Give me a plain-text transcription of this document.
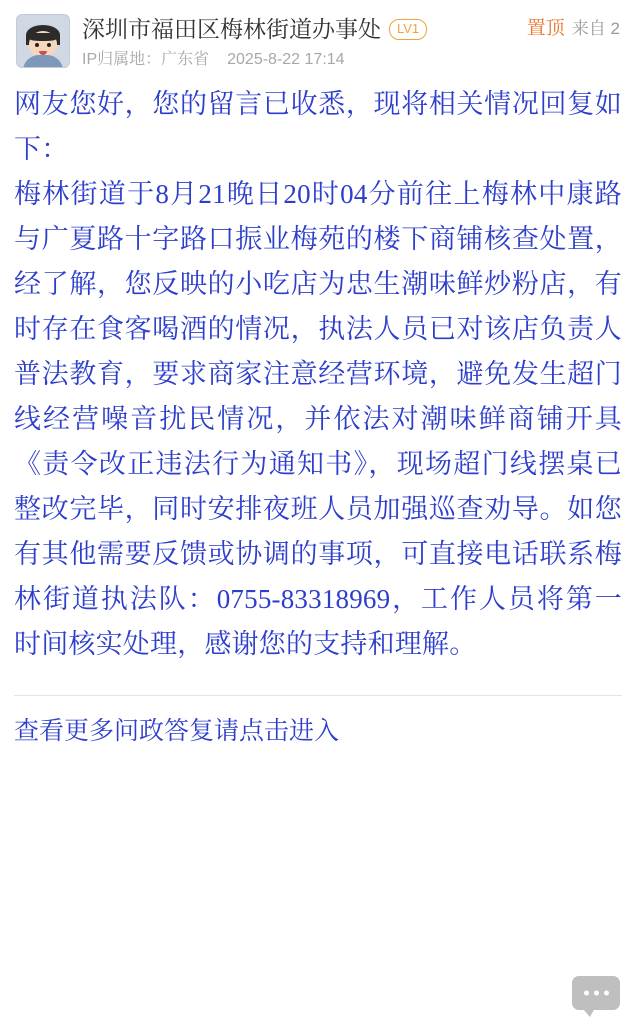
深圳市福田区梅林街道办事处	LV1	置顶 来自 2
IP归属地：广东省 2025-8-22 17:14

网友您好，您的留言已收悉，现将相关情况回复如下：

梅林街道于8月21晚日20时04分前往上梅林中康路与广夏路十字路口振业梅苑的楼下商铺核查处置，经了解，您反映的小吃店为忠生潮味鲜炒粉店，有时存在食客喝酒的情况，执法人员已对该店负责人普法教育，要求商家注意经营环境，避免发生超门线经营噪音扰民情况，并依法对潮味鲜商铺开具《责令改正违法行为通知书》，现场超门线摆桌已整改完毕，同时安排夜班人员加强巡查劝导。如您有其他需要反馈或协调的事项，可直接电话联系梅林街道执法队：0755-83318969，工作人员将第一时间核实处理，感谢您的支持和理解。

查看更多问政答复请点击进入
